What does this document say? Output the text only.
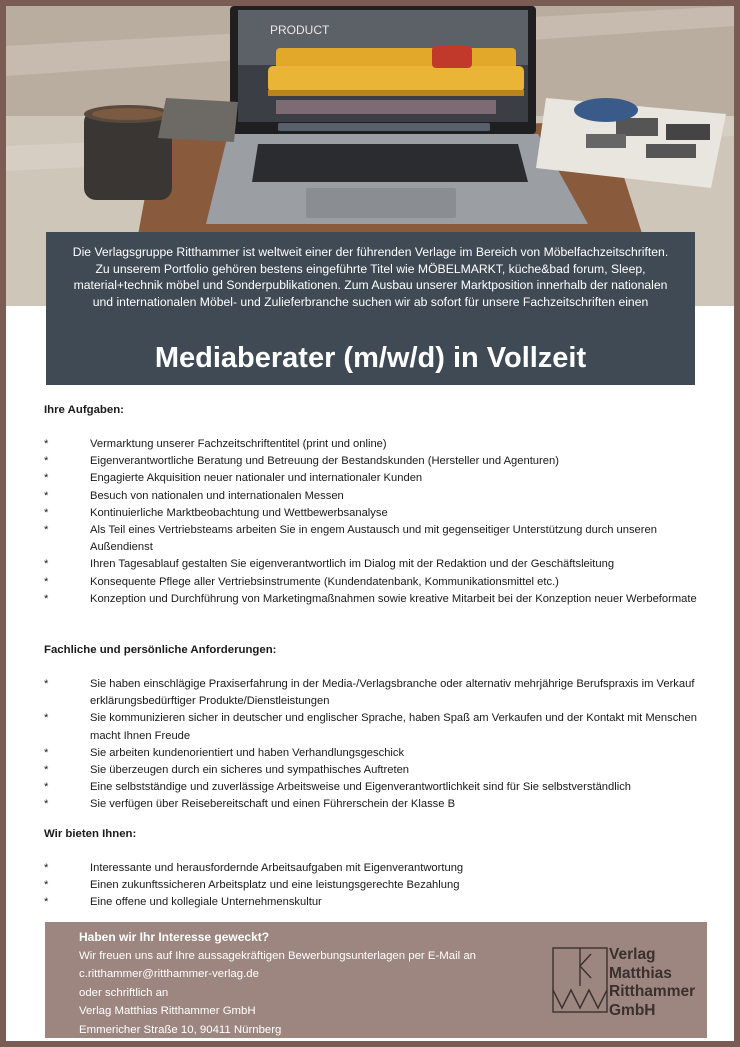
PRODUCT
Die Verlagsgruppe Ritthammer ist weltweit einer der führenden Verlage im Bereich von Möbelfachzeitschriften. Zu unserem Portfolio gehören bestens eingeführte Titel wie MÖBELMARKT, küche&bad forum, Sleep, material+technik möbel und Sonderpublikationen. Zum Ausbau unserer Marktposition innerhalb der nationalen und internationalen Möbel- und Zulieferbranche suchen wir ab sofort für unsere Fachzeitschriften einen
Mediaberater (m/w/d) in Vollzeit
Ihre Aufgaben:
*	Vermarktung unserer Fachzeitschriftentitel (print und online)
*	Eigenverantwortliche Beratung und Betreuung der Bestandskunden (Hersteller und Agenturen)
*	Engagierte Akquisition neuer nationaler und internationaler Kunden
*	Besuch von nationalen und internationalen Messen
*	Kontinuierliche Marktbeobachtung und Wettbewerbsanalyse
*	Als Teil eines Vertriebsteams arbeiten Sie in engem Austausch und mit gegenseitiger Unterstützung durch unseren Außendienst
*	Ihren Tagesablauf gestalten Sie eigenverantwortlich im Dialog mit der Redaktion und der Geschäftsleitung
*	Konsequente Pflege aller Vertriebsinstrumente (Kundendatenbank, Kommunikationsmittel etc.)
*	Konzeption und Durchführung von Marketingmaßnahmen sowie kreative Mitarbeit bei der Konzeption neuer Werbeformate
Fachliche und persönliche Anforderungen:
*	Sie haben einschlägige Praxiserfahrung in der Media-/Verlagsbranche oder alternativ mehrjährige Berufspraxis im Verkauf erklärungsbedürftiger Produkte/Dienstleistungen
*	Sie kommunizieren sicher in deutscher und englischer Sprache, haben Spaß am Verkaufen und der Kontakt mit Menschen macht Ihnen Freude
*	Sie arbeiten kundenorientiert und haben Verhandlungsgeschick
*	Sie überzeugen durch ein sicheres und sympathisches Auftreten
*	Eine selbstständige und zuverlässige Arbeitsweise und Eigenverantwortlichkeit sind für Sie selbstverständlich
*	Sie verfügen über Reisebereitschaft und einen Führerschein der Klasse B
Wir bieten Ihnen:
*	Interessante und herausfordernde Arbeitsaufgaben mit Eigenverantwortung
*	Einen zukunftssicheren Arbeitsplatz und eine leistungsgerechte Bezahlung
*	Eine offene und kollegiale Unternehmenskultur
Haben wir Ihr Interesse geweckt?
Wir freuen uns auf Ihre aussagekräftigen Bewerbungsunterlagen per E-Mail an
c.ritthammer@ritthammer-verlag.de
oder schriftlich an
Verlag Matthias Ritthammer GmbH
Emmericher Straße 10, 90411 Nürnberg
Verlag
Matthias
Ritthammer
GmbH
